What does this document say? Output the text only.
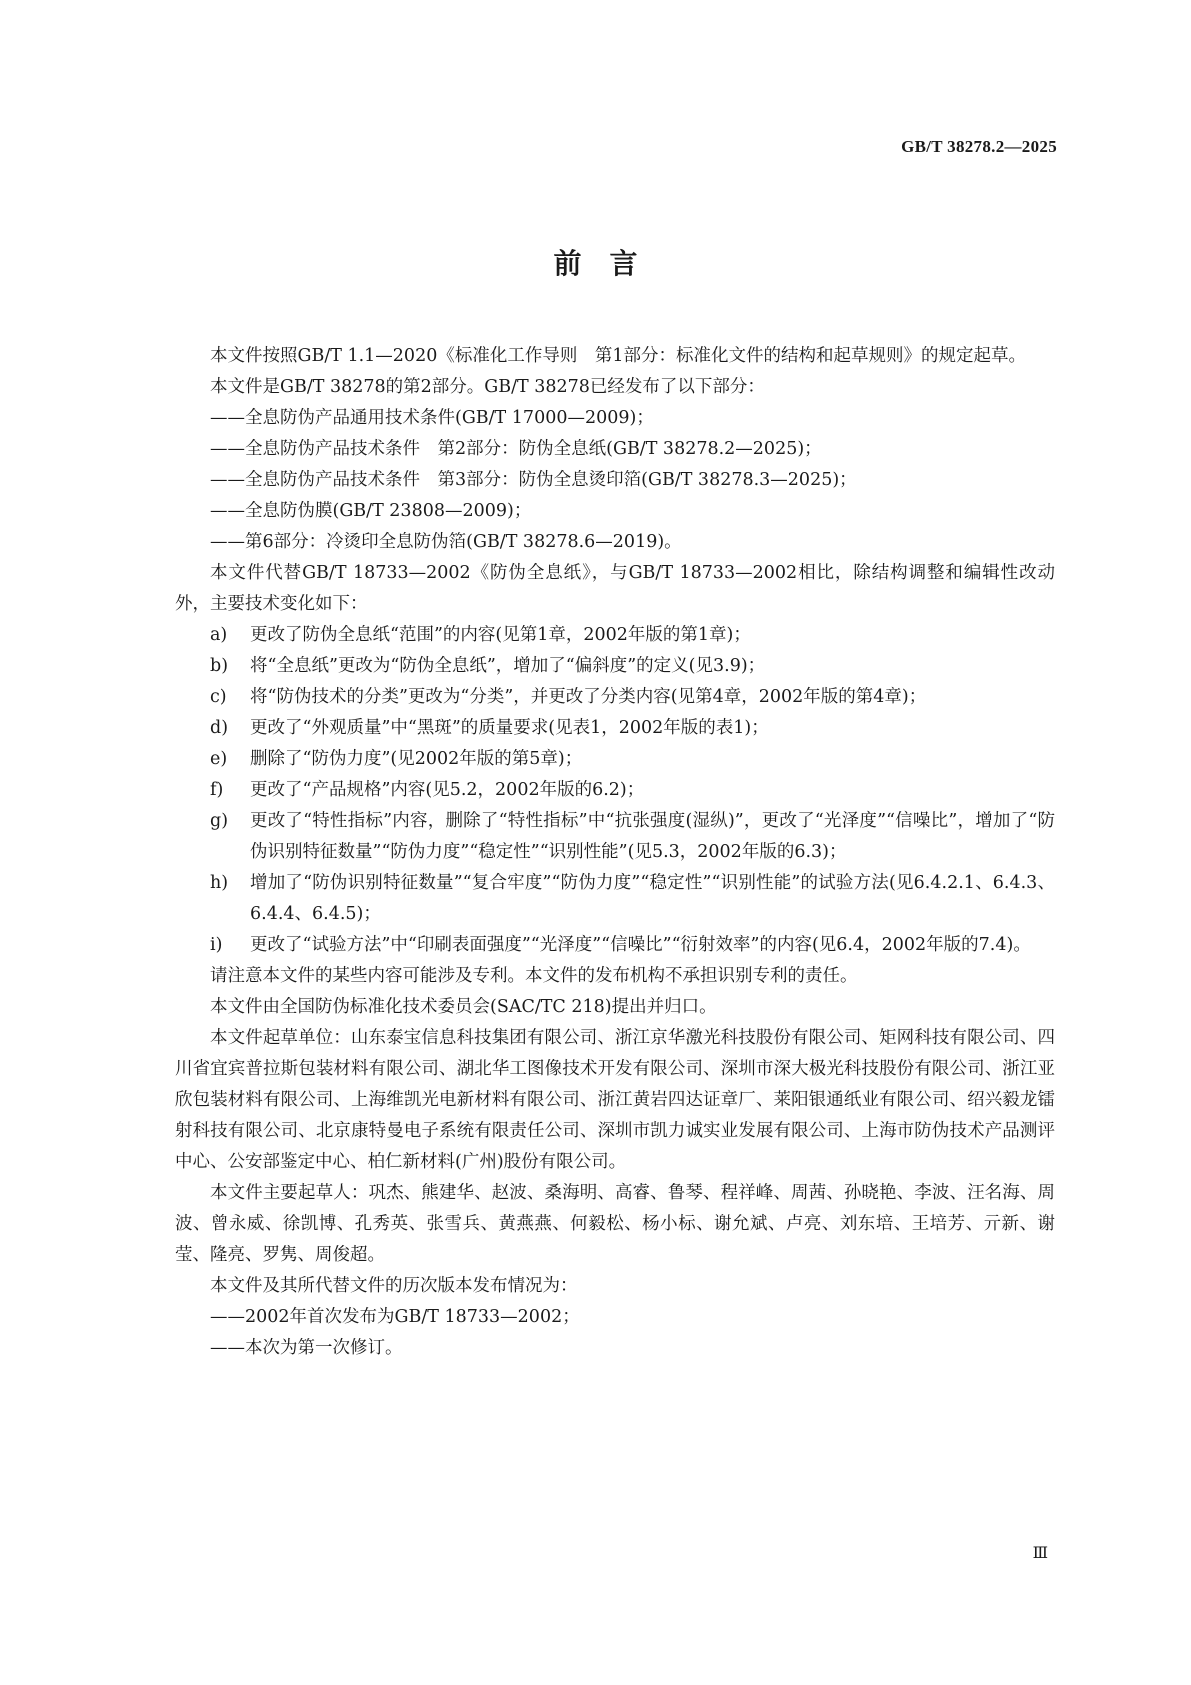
GB/T 38278.2—2025
前言

本文件按照GB/T 1.1—2020《标准化工作导则　第1部分：标准化文件的结构和起草规则》的规定起草。

本文件是GB/T 38278的第2部分。GB/T 38278已经发布了以下部分：

——全息防伪产品通用技术条件(GB/T 17000—2009)；

——全息防伪产品技术条件　第2部分：防伪全息纸(GB/T 38278.2—2025)；

——全息防伪产品技术条件　第3部分：防伪全息烫印箔(GB/T 38278.3—2025)；

——全息防伪膜(GB/T 23808—2009)；

——第6部分：冷烫印全息防伪箔(GB/T 38278.6—2019)。

本文件代替GB/T 18733—2002《防伪全息纸》，与GB/T 18733—2002相比，除结构调整和编辑性改动外，主要技术变化如下：

a)	更改了防伪全息纸“范围”的内容(见第1章，2002年版的第1章)；
b)	将“全息纸”更改为“防伪全息纸”，增加了“偏斜度”的定义(见3.9)；
c)	将“防伪技术的分类”更改为“分类”，并更改了分类内容(见第4章，2002年版的第4章)；
d)	更改了“外观质量”中“黑斑”的质量要求(见表1，2002年版的表1)；
e)	删除了“防伪力度”(见2002年版的第5章)；
f)	更改了“产品规格”内容(见5.2，2002年版的6.2)；
g)	更改了“特性指标”内容，删除了“特性指标”中“抗张强度(湿纵)”，更改了“光泽度”“信噪比”，增加了“防伪识别特征数量”“防伪力度”“稳定性”“识别性能”(见5.3，2002年版的6.3)；
h)	增加了“防伪识别特征数量”“复合牢度”“防伪力度”“稳定性”“识别性能”的试验方法(见6.4.2.1、6.4.3、6.4.4、6.4.5)；
i)	更改了“试验方法”中“印刷表面强度”“光泽度”“信噪比”“衍射效率”的内容(见6.4，2002年版的7.4)。

请注意本文件的某些内容可能涉及专利。本文件的发布机构不承担识别专利的责任。

本文件由全国防伪标准化技术委员会(SAC/TC 218)提出并归口。

本文件起草单位：山东泰宝信息科技集团有限公司、浙江京华激光科技股份有限公司、矩网科技有限公司、四川省宜宾普拉斯包装材料有限公司、湖北华工图像技术开发有限公司、深圳市深大极光科技股份有限公司、浙江亚欣包装材料有限公司、上海维凯光电新材料有限公司、浙江黄岩四达证章厂、莱阳银通纸业有限公司、绍兴毅龙镭射科技有限公司、北京康特曼电子系统有限责任公司、深圳市凯力诚实业发展有限公司、上海市防伪技术产品测评中心、公安部鉴定中心、柏仁新材料(广州)股份有限公司。

本文件主要起草人：巩杰、熊建华、赵波、桑海明、高睿、鲁琴、程祥峰、周茜、孙晓艳、李波、汪名海、周波、曾永威、徐凯博、孔秀英、张雪兵、黄燕燕、何毅松、杨小标、谢允斌、卢亮、刘东培、王培芳、亓新、谢莹、隆亮、罗隽、周俊超。

本文件及其所代替文件的历次版本发布情况为：

——2002年首次发布为GB/T 18733—2002；

——本次为第一次修订。

Ⅲ
